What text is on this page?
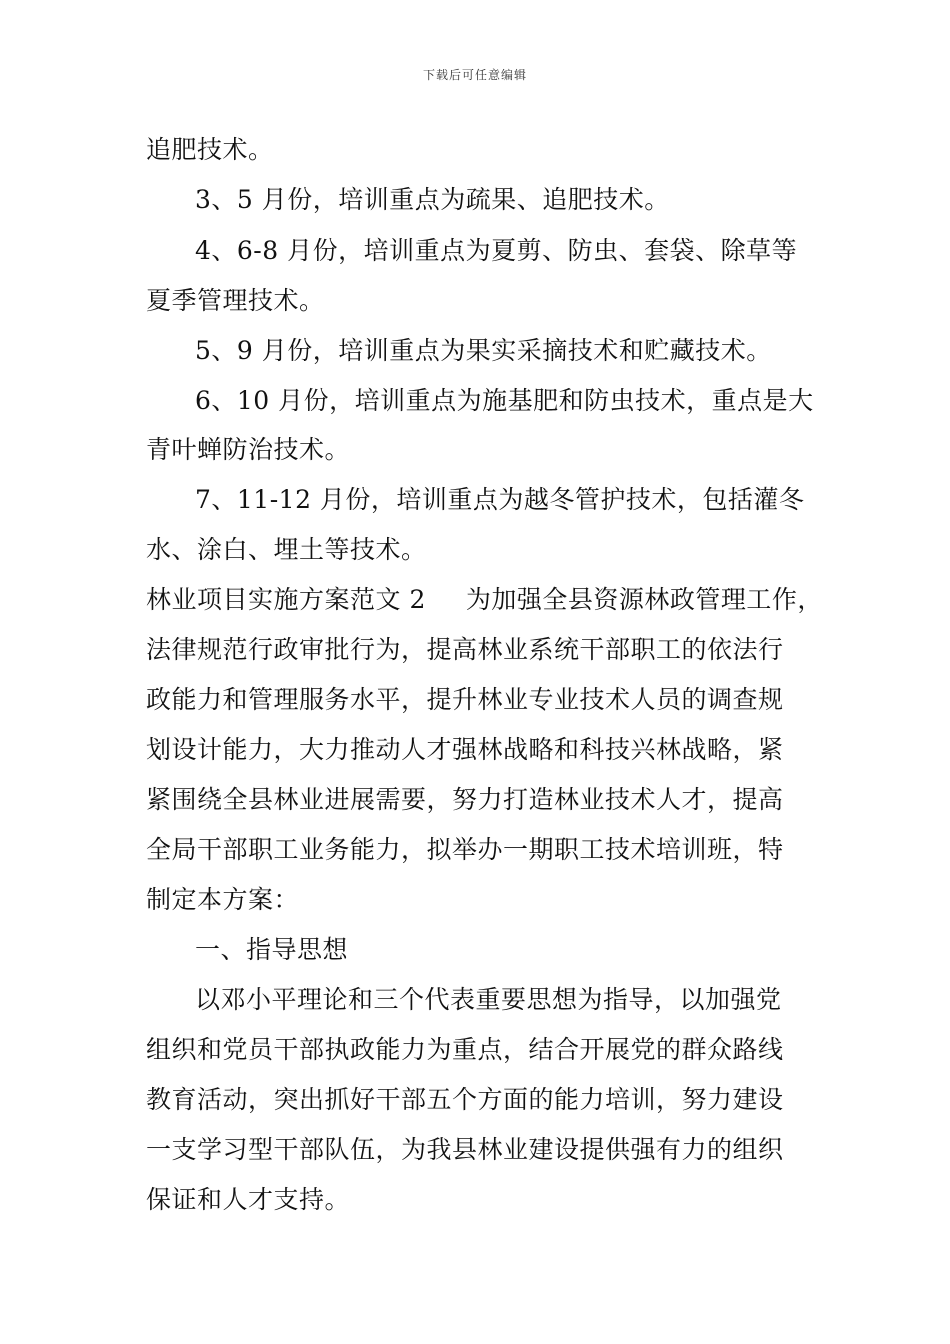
下载后可任意编辑
追肥技术。
3、5 月份，培训重点为疏果、追肥技术。
4、6-8 月份，培训重点为夏剪、防虫、套袋、除草等
夏季管理技术。
5、9 月份，培训重点为果实采摘技术和贮藏技术。
6、10 月份，培训重点为施基肥和防虫技术，重点是大
青叶蝉防治技术。
7、11-12 月份，培训重点为越冬管护技术，包括灌冬
水、涂白、埋土等技术。
林业项目实施方案范文 2 为加强全县资源林政管理工作，
法律规范行政审批行为，提高林业系统干部职工的依法行
政能力和管理服务水平，提升林业专业技术人员的调查规
划设计能力，大力推动人才强林战略和科技兴林战略，紧
紧围绕全县林业进展需要，努力打造林业技术人才，提高
全局干部职工业务能力，拟举办一期职工技术培训班，特
制定本方案：
一、指导思想
以邓小平理论和三个代表重要思想为指导，以加强党
组织和党员干部执政能力为重点，结合开展党的群众路线
教育活动，突出抓好干部五个方面的能力培训，努力建设
一支学习型干部队伍，为我县林业建设提供强有力的组织
保证和人才支持。
